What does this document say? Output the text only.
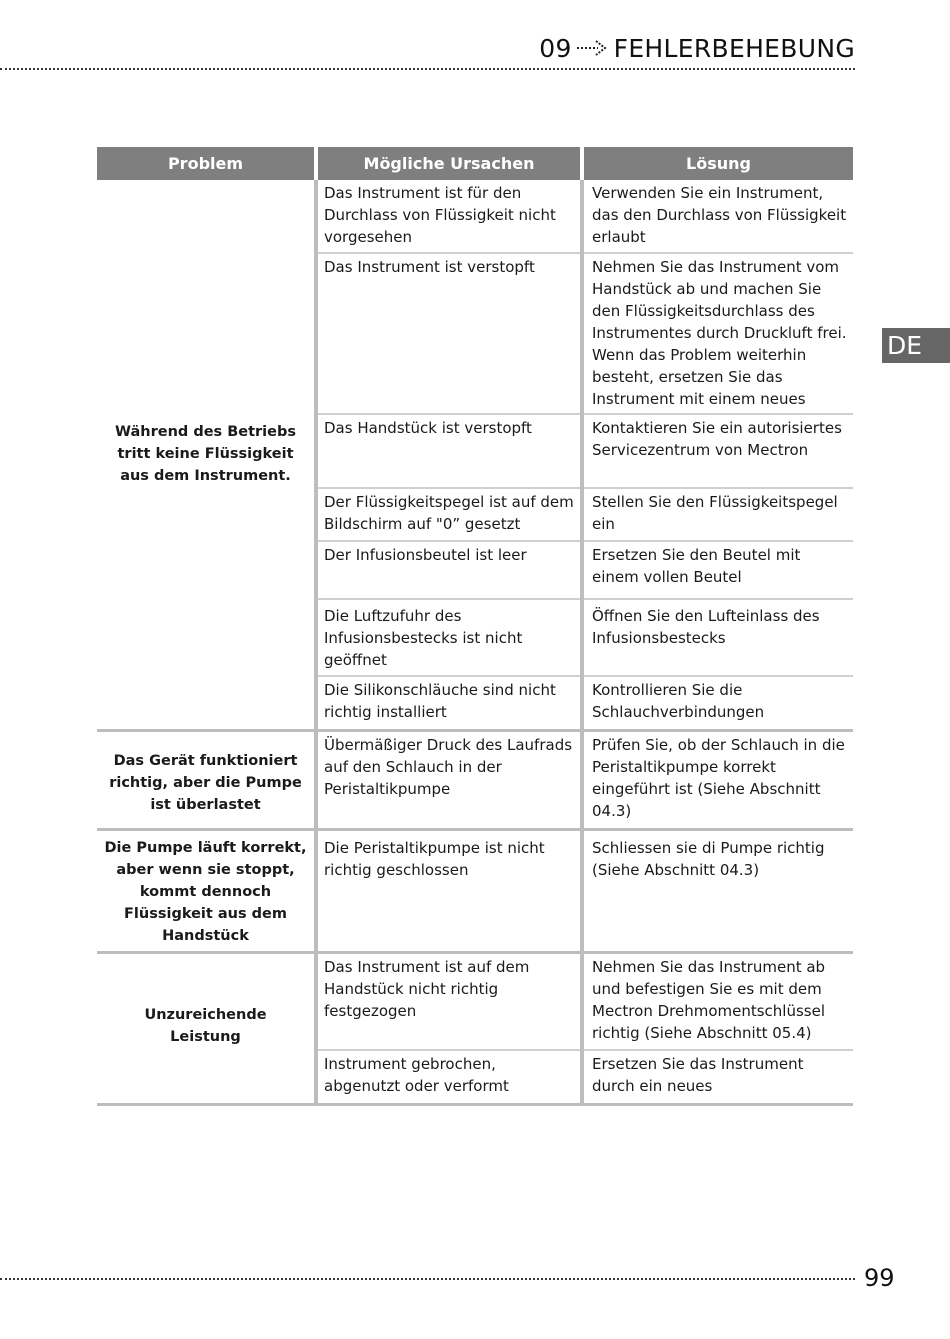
09 FEHLERBEHEBUNG
DE
Problem	Mögliche Ursachen	Lösung
Während des Betriebs tritt keine Flüssigkeit aus dem Instrument.	Das Instrument ist für den Durchlass von Flüssigkeit nicht vorgesehen	Verwenden Sie ein Instrument, das den Durchlass von Flüssigkeit erlaubt
	Das Instrument ist verstopft	Nehmen Sie das Instrument vom Handstück ab und machen Sie den Flüssigkeitsdurchlass des Instrumentes durch Druckluft frei. Wenn das Problem weiterhin besteht, ersetzen Sie das Instrument mit einem neues
	Das Handstück ist verstopft	Kontaktieren Sie ein autorisiertes Servicezentrum von Mectron
	Der Flüssigkeitspegel ist auf dem Bildschirm auf "0” gesetzt	Stellen Sie den Flüssigkeitspegel ein
	Der Infusionsbeutel ist leer	Ersetzen Sie den Beutel mit einem vollen Beutel
	Die Luftzufuhr des Infusionsbestecks ist nicht geöffnet	Öffnen Sie den Lufteinlass des Infusionsbestecks
	Die Silikonschläuche sind nicht richtig installiert	Kontrollieren Sie die Schlauchverbindungen
Das Gerät funktioniert richtig, aber die Pumpe ist überlastet	Übermäßiger Druck des Laufrads auf den Schlauch in der Peristaltikpumpe	Prüfen Sie, ob der Schlauch in die Peristaltikpumpe korrekt eingeführt ist (Siehe Abschnitt 04.3)
Die Pumpe läuft korrekt, aber wenn sie stoppt, kommt dennoch Flüssigkeit aus dem Handstück	Die Peristaltikpumpe ist nicht richtig geschlossen	Schliessen sie di Pumpe richtig (Siehe Abschnitt 04.3)
Unzureichende Leistung	Das Instrument ist auf dem Handstück nicht richtig festgezogen	Nehmen Sie das Instrument ab und befestigen Sie es mit dem Mectron Drehmomentschlüssel richtig (Siehe Abschnitt 05.4)
	Instrument gebrochen, abgenutzt oder verformt	Ersetzen Sie das Instrument durch ein neues
99
